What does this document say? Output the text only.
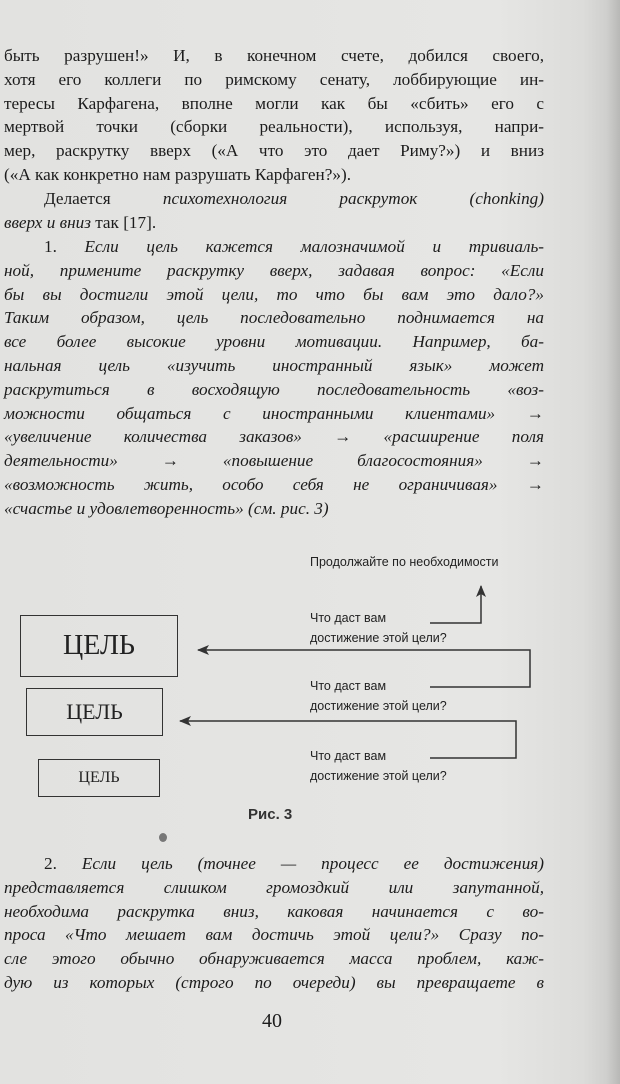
быть разрушен!» И, в конечном счете, добился своего,
хотя его коллеги по римскому сенату, лоббирующие ин-
тересы Карфагена, вполне могли как бы «сбить» его с
мертвой точки (сборки реальности), используя, напри-
мер, раскрутку вверх («А что это дает Риму?») и вниз
(«А как конкретно нам разрушать Карфаген?»).
Делается психотехнология раскруток (chonking)
вверх и вниз так [17].
1. Если цель кажется малозначимой и тривиаль-
ной, примените раскрутку вверх, задавая вопрос: «Если
бы вы достигли этой цели, то что бы вам это дало?»
Таким образом, цель последовательно поднимается на
все более высокие уровни мотивации. Например, ба-
нальная цель «изучить иностранный язык» может
раскрутиться в восходящую последовательность «воз-
можности общаться с иностранными клиентами» →
«увеличение количества заказов» → «расширение поля
деятельности» → «повышение благосостояния» →
«возможность жить, особо себя не ограничивая» →
«счастье и удовлетворенность» (см. рис. 3)
Продолжайте по необходимости
ЦЕЛЬ
ЦЕЛЬ
ЦЕЛЬ
Что даст вам
достижение этой цели?
Что даст вам
достижение этой цели?
Что даст вам
достижение этой цели?
Рис. 3
2. Если цель (точнее — процесс ее достижения)
представляется слишком громоздкий или запутанной,
необходима раскрутка вниз, каковая начинается с во-
проса «Что мешает вам достичь этой цели?» Сразу по-
сле этого обычно обнаруживается масса проблем, каж-
дую из которых (строго по очереди) вы превращаете в
40
